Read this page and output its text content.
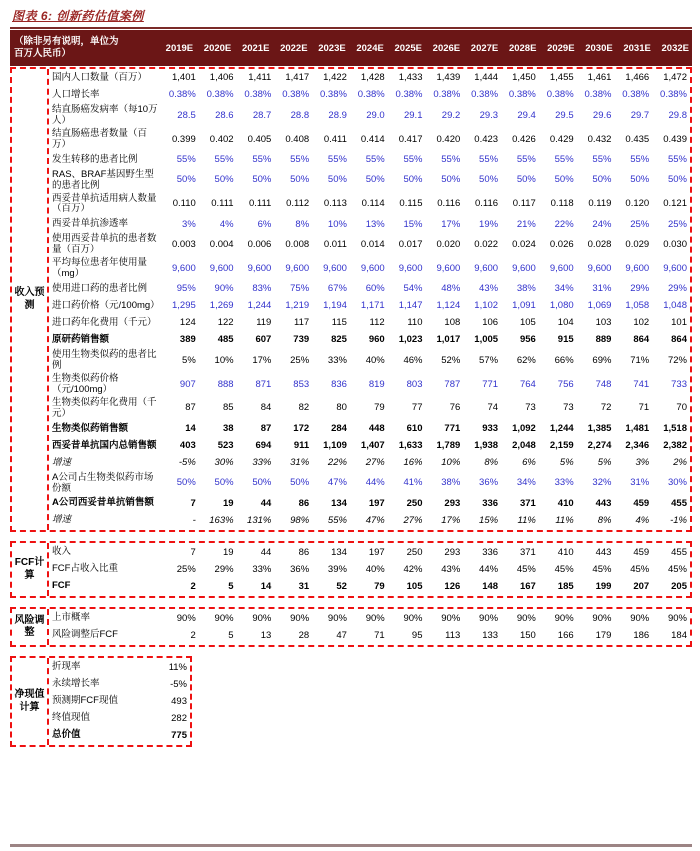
图表 6: 创新药估值案例
（除非另有说明，单位为百万人民币）	2019E	2020E	2021E	2022E	2023E	2024E	2025E	2026E	2027E	2028E	2029E	2030E	2031E	2032E
收入预测
国内人口数量（百万）	1,401	1,406	1,411	1,417	1,422	1,428	1,433	1,439	1,444	1,450	1,455	1,461	1,466	1,472
人口增长率	0.38%	0.38%	0.38%	0.38%	0.38%	0.38%	0.38%	0.38%	0.38%	0.38%	0.38%	0.38%	0.38%	0.38%
结直肠癌发病率（每10万人）	28.5	28.6	28.7	28.8	28.9	29.0	29.1	29.2	29.3	29.4	29.5	29.6	29.7	29.8
结直肠癌患者数量（百万）	0.399	0.402	0.405	0.408	0.411	0.414	0.417	0.420	0.423	0.426	0.429	0.432	0.435	0.439
发生转移的患者比例	55%	55%	55%	55%	55%	55%	55%	55%	55%	55%	55%	55%	55%	55%
RAS、BRAF基因野生型的患者比例	50%	50%	50%	50%	50%	50%	50%	50%	50%	50%	50%	50%	50%	50%
西妥昔单抗适用病人数量（百万）	0.110	0.111	0.111	0.112	0.113	0.114	0.115	0.116	0.116	0.117	0.118	0.119	0.120	0.121
西妥昔单抗渗透率	3%	4%	6%	8%	10%	13%	15%	17%	19%	21%	22%	24%	25%	25%
使用西妥昔单抗的患者数量（百万）	0.003	0.004	0.006	0.008	0.011	0.014	0.017	0.020	0.022	0.024	0.026	0.028	0.029	0.030
平均每位患者年使用量（mg）	9,600	9,600	9,600	9,600	9,600	9,600	9,600	9,600	9,600	9,600	9,600	9,600	9,600	9,600
使用进口药的患者比例	95%	90%	83%	75%	67%	60%	54%	48%	43%	38%	34%	31%	29%	29%
进口药价格（元/100mg）	1,295	1,269	1,244	1,219	1,194	1,171	1,147	1,124	1,102	1,091	1,080	1,069	1,058	1,048
进口药年化费用（千元）	124	122	119	117	115	112	110	108	106	105	104	103	102	101
原研药销售额	389	485	607	739	825	960	1,023	1,017	1,005	956	915	889	864	864
使用生物类似药的患者比例	5%	10%	17%	25%	33%	40%	46%	52%	57%	62%	66%	69%	71%	72%
生物类似药价格（元/100mg）	907	888	871	853	836	819	803	787	771	764	756	748	741	733
生物类似药年化费用（千元）	87	85	84	82	80	79	77	76	74	73	73	72	71	70
生物类似药销售额	14	38	87	172	284	448	610	771	933	1,092	1,244	1,385	1,481	1,518
西妥昔单抗国内总销售额	403	523	694	911	1,109	1,407	1,633	1,789	1,938	2,048	2,159	2,274	2,346	2,382
增速	-5%	30%	33%	31%	22%	27%	16%	10%	8%	6%	5%	5%	3%	2%
A公司占生物类似药市场份额	50%	50%	50%	50%	47%	44%	41%	38%	36%	34%	33%	32%	31%	30%
A公司西妥昔单抗销售额	7	19	44	86	134	197	250	293	336	371	410	443	459	455
增速	-	163%	131%	98%	55%	47%	27%	17%	15%	11%	11%	8%	4%	-1%
FCF计算
收入	7	19	44	86	134	197	250	293	336	371	410	443	459	455
FCF占收入比重	25%	29%	33%	36%	39%	40%	42%	43%	44%	45%	45%	45%	45%	45%
FCF	2	5	14	31	52	79	105	126	148	167	185	199	207	205
风险调整
上市概率	90%	90%	90%	90%	90%	90%	90%	90%	90%	90%	90%	90%	90%	90%
风险调整后FCF	2	5	13	28	47	71	95	113	133	150	166	179	186	184
净现值计算
折现率	11%
永续增长率	-5%
预测期FCF现值	493
终值现值	282
总价值	775
